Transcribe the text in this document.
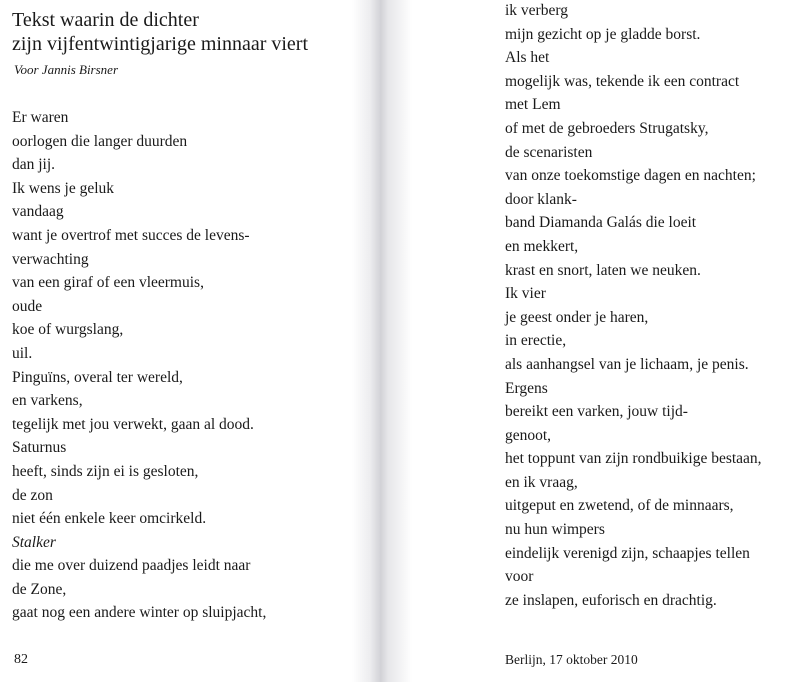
Tekst waarin de dichter
zijn vijfentwintigjarige minnaar viert
Voor Jannis Birsner
Er waren
oorlogen die langer duurden
dan jij.
Ik wens je geluk
vandaag
want je overtrof met succes de levens-
verwachting
van een giraf of een vleermuis,
oude
koe of wurgslang,
uil.
Pinguïns, overal ter wereld,
en varkens,
tegelijk met jou verwekt, gaan al dood.
Saturnus
heeft, sinds zijn ei is gesloten,
de zon
niet één enkele keer omcirkeld.
Stalker
die me over duizend paadjes leidt naar
de Zone,
gaat nog een andere winter op sluipjacht,
82
ik verberg
mijn gezicht op je gladde borst.
Als het
mogelijk was, tekende ik een contract
met Lem
of met de gebroeders Strugatsky,
de scenaristen
van onze toekomstige dagen en nachten;
door klank-
band Diamanda Galás die loeit
en mekkert,
krast en snort, laten we neuken.
Ik vier
je geest onder je haren,
in erectie,
als aanhangsel van je lichaam, je penis.
Ergens
bereikt een varken, jouw tijd-
genoot,
het toppunt van zijn rondbuikige bestaan,
en ik vraag,
uitgeput en zwetend, of de minnaars,
nu hun wimpers
eindelijk verenigd zijn, schaapjes tellen
voor
ze inslapen, euforisch en drachtig.
Berlijn, 17 oktober 2010
